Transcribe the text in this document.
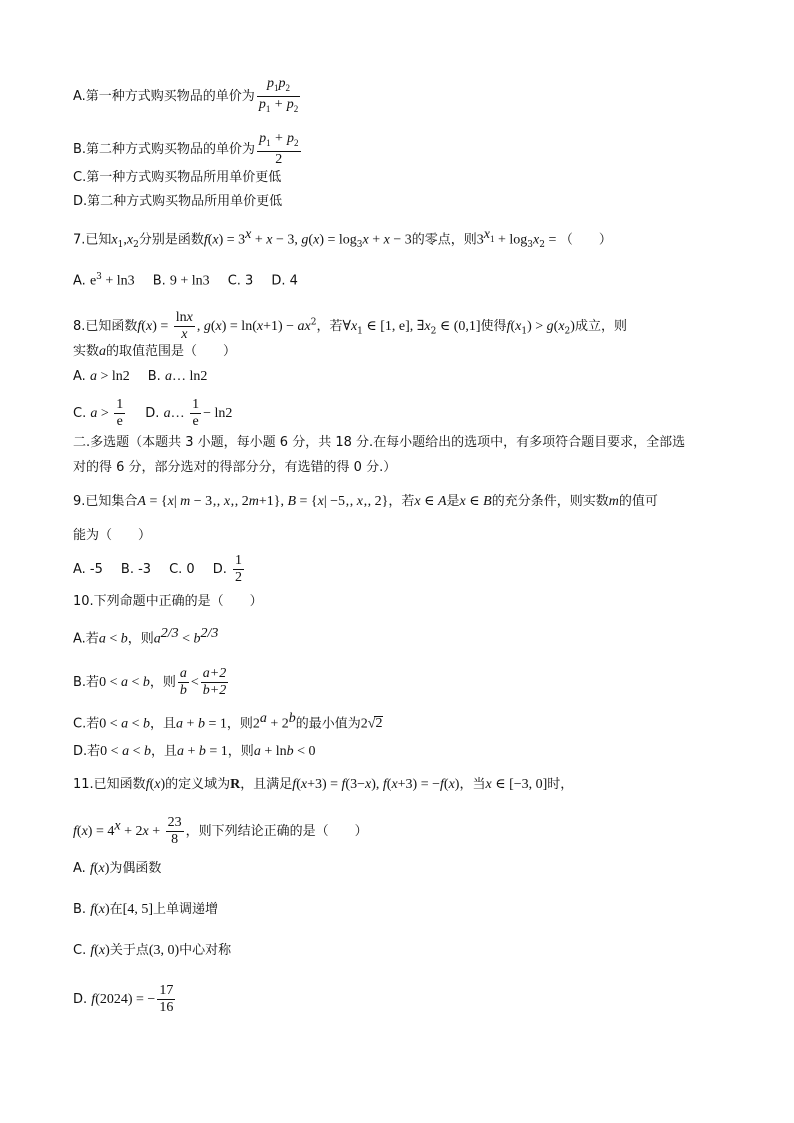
A.第一种方式购买物品的单价为 $\frac{p_1p_2}{p_1 + p_2}$
B.第二种方式购买物品的单价为 $\frac{p_1 + p_2}{2}$
C.第一种方式购买物品所用单价更低
D.第二种方式购买物品所用单价更低
7.已知$x_1,x_2$分别是函数$f(x) = 3^x + x - 3$, $g(x) = \log_3x + x - 3$的零点，则$3^{x_1} + \log_3x_2$ = （　　）
A. $e^3 + \ln 3$ B. 9 + ln3 C. 3 D. 4
8.已知函数$f(x) = \frac{\ln x}{x}$ , $g(x) = \ln(x+1) - ax^2$，若$\forall x_1$ ∈ [1, e], $\exists x_2$ ∈ (0,1]使得$f(x_1) > g(x_2)$成立，则
实数a的取值范围是（　　）
A. a > ln2 B. a… ln2
C. $a > \frac{1}{e} D$. a… $\frac{1}{e} - \ln 2$
二.多选题（本题共 3 小题，每小题 6 分，共 18 分.在每小题给出的选项中，有多项符合题目要求，全部选
对的得 6 分，部分选对的得部分分，有选错的得 0 分.）
9.已知集合A = {x| m − 3‚, x‚, 2m+1}, B = {x| −5‚, x‚, 2}，若x ∈ A是x ∈ B的充分条件，则实数m的值可
能为（　　）
A. -5 B. -3 C. 0 D. $\frac{1}{2}$
10.下列命题中正确的是（　　）
A.若a < b，则$a^{2/3} < b^{2/3}$
B.若0 < a < b，则 $\frac{a}{b} < \frac{a+2}{b+2}$
C.若0 < a < b，且a + b = 1，则$2^a + 2^b$的最小值为2√2
D.若0 < a < b，且a + b = 1，则a + lnb < 0
11.已知函数f(x)的定义域为R，且满足f(x+3) = f(3−x), f(x+3) = −f(x)，当x ∈ [−3, 0]时，
$f(x) = 4^x + 2x + \frac{23}{8}$ ，则下列结论正确的是（　　）
A. f(x)为偶函数
B. f(x)在[4, 5]上单调递增
C. f(x)关于点(3, 0)中心对称
D. f(2024) = − $\frac{17}{16}$
